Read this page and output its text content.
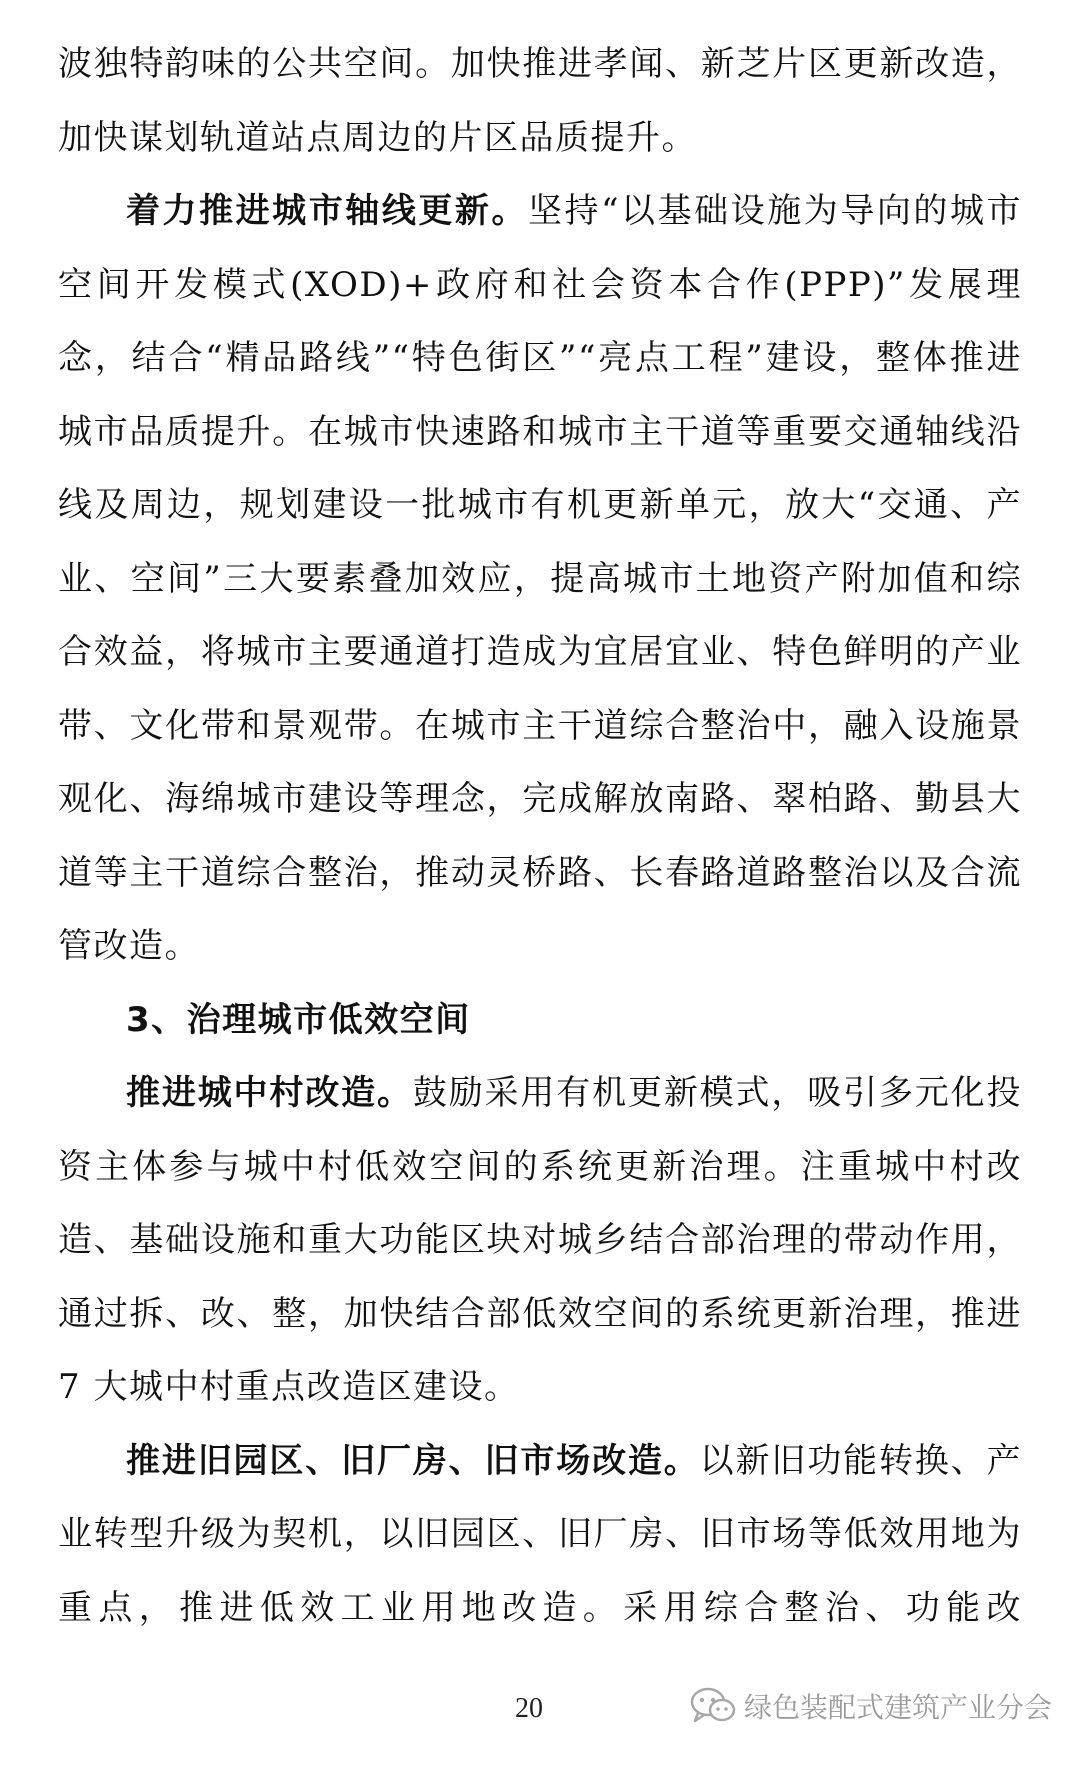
波独特韵味的公共空间。加快推进孝闻、新芝片区更新改造，加快谋划轨道站点周边的片区品质提升。

着力推进城市轴线更新。坚持“以基础设施为导向的城市空间开发模式(XOD)+政府和社会资本合作(PPP)”发展理念，结合“精品路线”“特色街区”“亮点工程”建设，整体推进城市品质提升。在城市快速路和城市主干道等重要交通轴线沿线及周边，规划建设一批城市有机更新单元，放大“交通、产业、空间”三大要素叠加效应，提高城市土地资产附加值和综合效益，将城市主要通道打造成为宜居宜业、特色鲜明的产业带、文化带和景观带。在城市主干道综合整治中，融入设施景观化、海绵城市建设等理念，完成解放南路、翠柏路、勤县大道等主干道综合整治，推动灵桥路、长春路道路整治以及合流管改造。

3、治理城市低效空间

推进城中村改造。鼓励采用有机更新模式，吸引多元化投资主体参与城中村低效空间的系统更新治理。注重城中村改造、基础设施和重大功能区块对城乡结合部治理的带动作用，通过拆、改、整，加快结合部低效空间的系统更新治理，推进 7 大城中村重点改造区建设。

推进旧园区、旧厂房、旧市场改造。以新旧功能转换、产业转型升级为契机，以旧园区、旧厂房、旧市场等低效用地为重点，推进低效工业用地改造。采用综合整治、功能改

20	绿色装配式建筑产业分会
